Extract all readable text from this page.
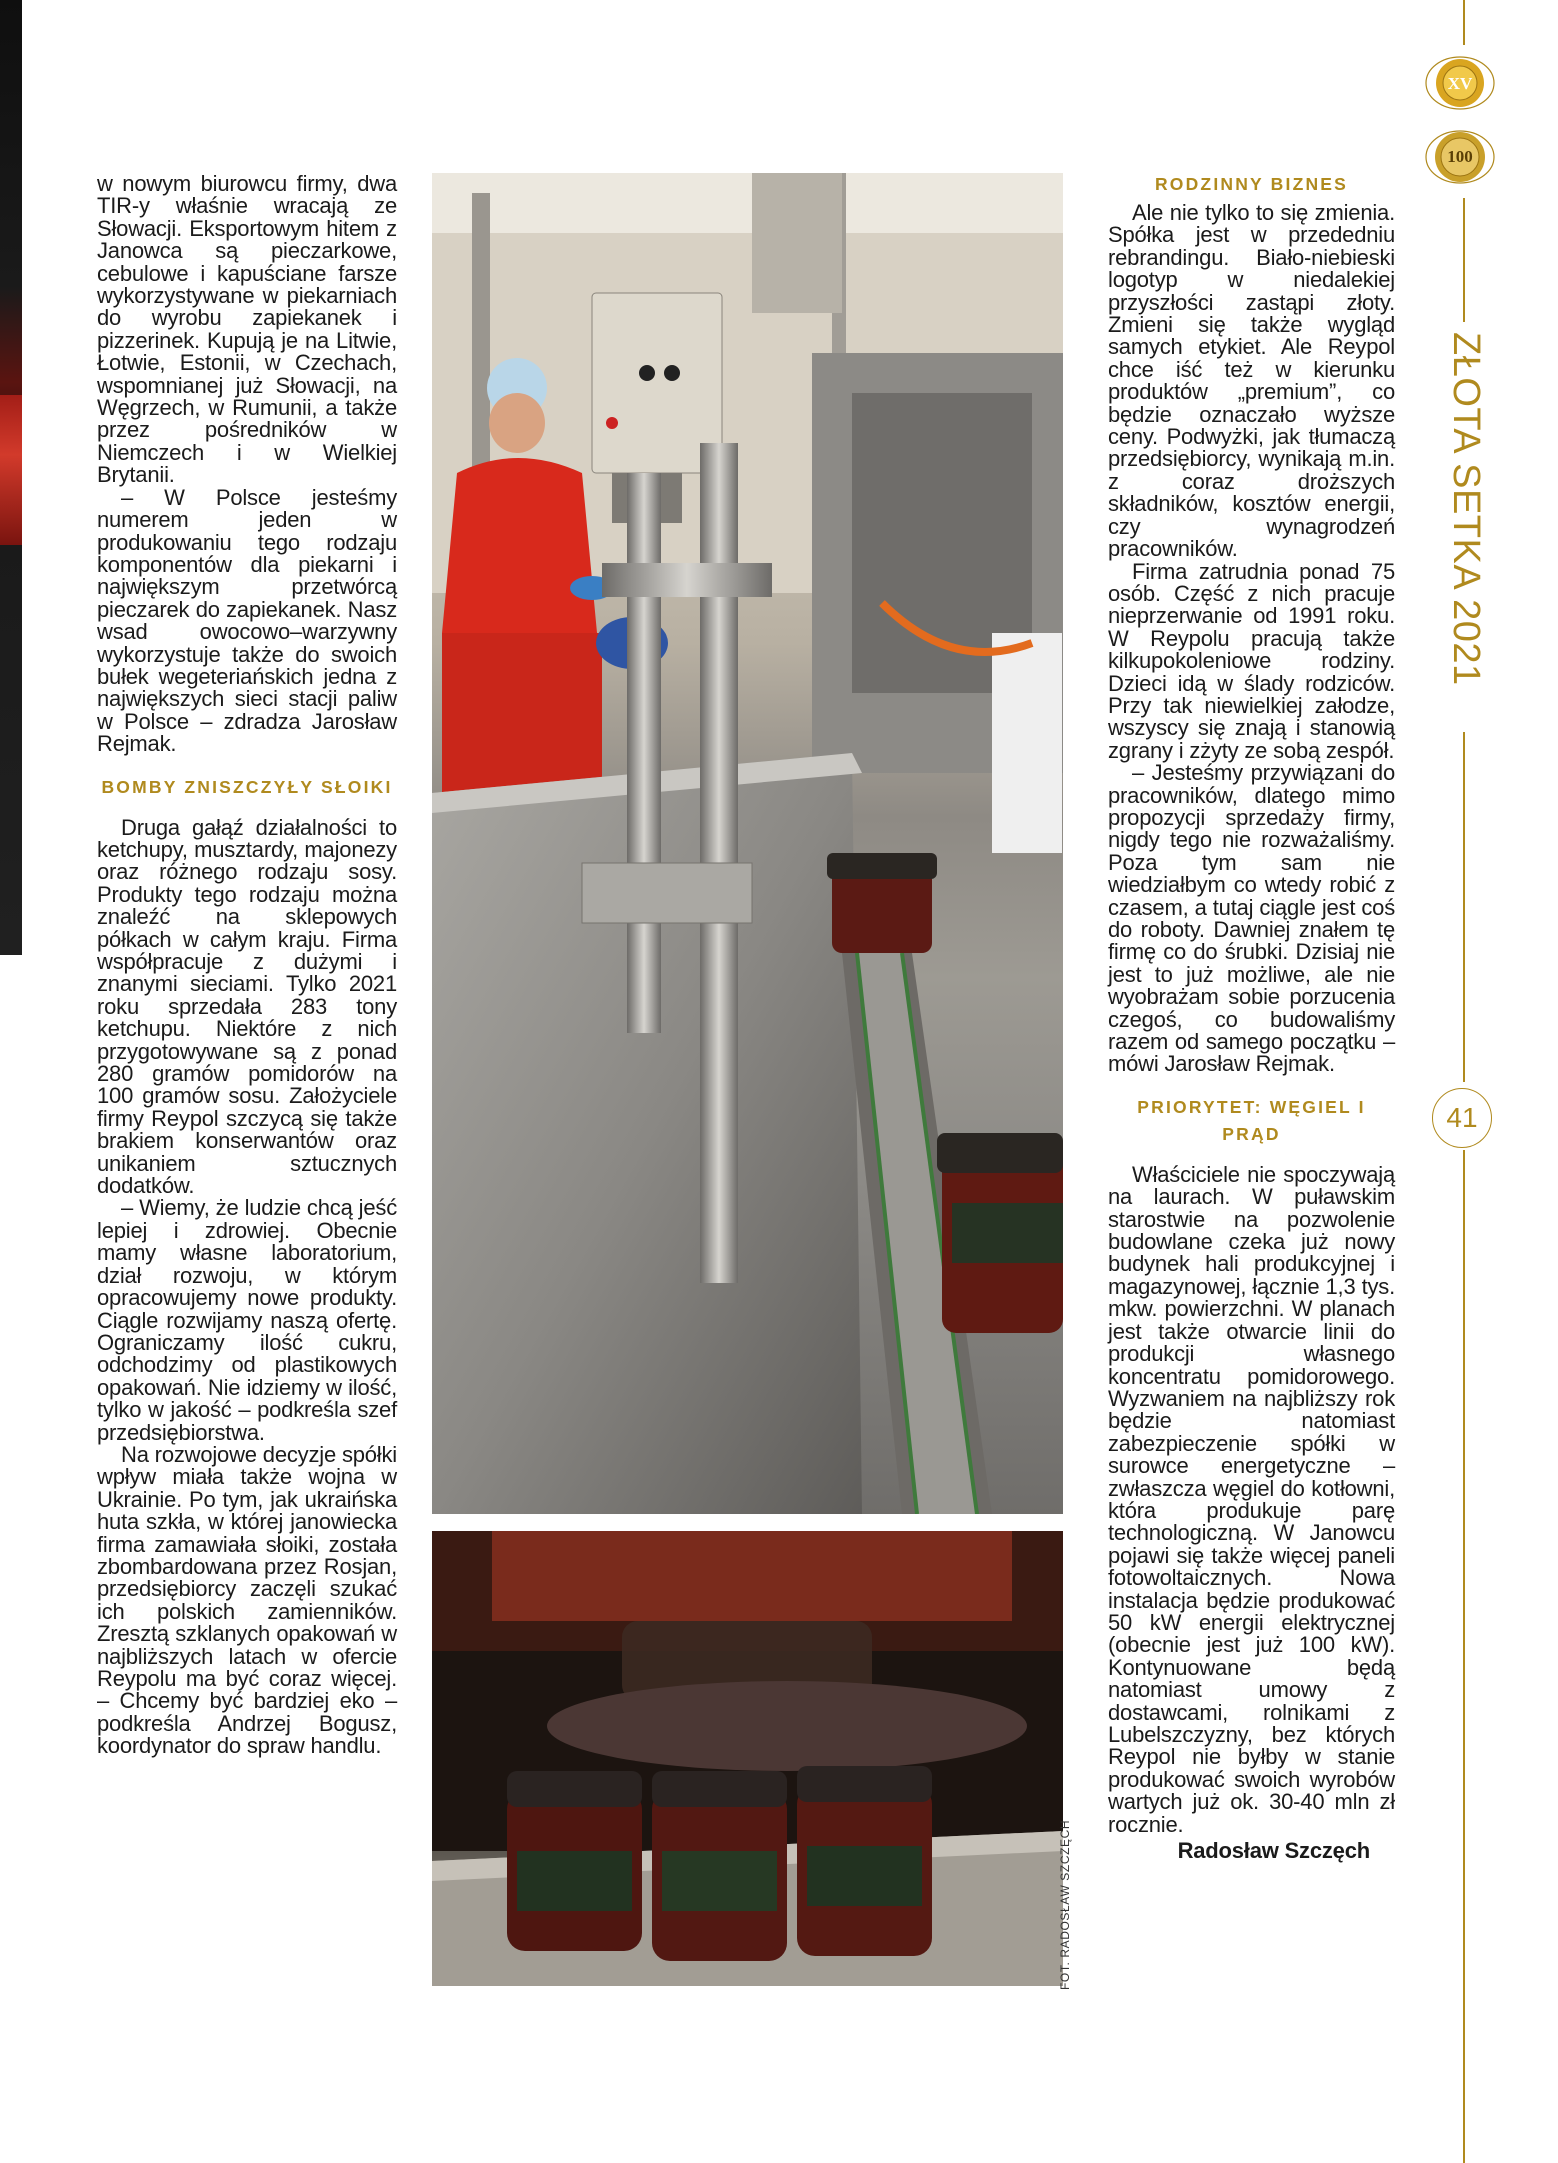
w nowym biurowcu firmy, dwa TIR-y właśnie wracają ze Słowacji. Eksportowym hitem z Janowca są pieczarkowe, cebulowe i kapuściane farsze wykorzystywane w piekarniach do wyrobu zapiekanek i pizzerinek. Kupują je na Litwie, Łotwie, Estonii, w Czechach, wspomnianej już Słowacji, na Węgrzech, w Rumunii, a także przez pośredników w Niemczech i w Wielkiej Brytanii.

– W Polsce jesteśmy numerem jeden w produkowaniu tego rodzaju komponentów dla piekarni i największym przetwórcą pieczarek do zapiekanek. Nasz wsad owocowo–warzywny wykorzystuje także do swoich bułek wegeteriańskich jedna z największych sieci stacji paliw w Polsce – zdradza Jarosław Rejmak.

BOMBY ZNISZCZYŁY SŁOIKI

Druga gałąź działalności to ketchupy, musztardy, majonezy oraz różnego rodzaju sosy. Produkty tego rodzaju można znaleźć na sklepowych półkach w całym kraju. Firma współpracuje z dużymi i znanymi sieciami. Tylko 2021 roku sprzedała 283 tony ketchupu. Niektóre z nich przygotowywane są z ponad 280 gramów pomidorów na 100 gramów sosu. Założyciele firmy Reypol szczycą się także brakiem konserwantów oraz unikaniem sztucznych dodatków.

– Wiemy, że ludzie chcą jeść lepiej i zdrowiej. Obecnie mamy własne laboratorium, dział rozwoju, w którym opracowujemy nowe produkty. Ciągle rozwijamy naszą ofertę. Ograniczamy ilość cukru, odchodzimy od plastikowych opakowań. Nie idziemy w ilość, tylko w jakość – podkreśla szef przedsiębiorstwa.

Na rozwojowe decyzje spółki wpływ miała także wojna w Ukrainie. Po tym, jak ukraińska huta szkła, w której janowiecka firma zamawiała słoiki, została zbombardowana przez Rosjan, przedsiębiorcy zaczęli szukać ich polskich zamienników. Zresztą szklanych opakowań w najbliższych latach w ofercie Reypolu ma być coraz więcej. – Chcemy być bardziej eko – podkreśla Andrzej Bogusz, koordynator do spraw handlu.

FOT. RADOSŁAW SZCZĘCH
RODZINNY BIZNES

Ale nie tylko to się zmienia. Spółka jest w przededniu rebrandingu. Biało-niebieski logotyp w niedalekiej przyszłości zastąpi złoty. Zmieni się także wygląd samych etykiet. Ale Reypol chce iść też w kierunku produktów „premium”, co będzie oznaczało wyższe ceny. Podwyżki, jak tłumaczą przedsiębiorcy, wynikają m.in. z coraz droższych składników, kosztów energii, czy wynagrodzeń pracowników.

Firma zatrudnia ponad 75 osób. Część z nich pracuje nieprzerwanie od 1991 roku. W Reypolu pracują także kilkupokoleniowe rodziny. Dzieci idą w ślady rodziców. Przy tak niewielkiej załodze, wszyscy się znają i stanowią zgrany i zżyty ze sobą zespół.

– Jesteśmy przywiązani do pracowników, dlatego mimo propozycji sprzedaży firmy, nigdy tego nie rozważaliśmy. Poza tym sam nie wiedziałbym co wtedy robić z czasem, a tutaj ciągle jest coś do roboty. Dawniej znałem tę firmę co do śrubki. Dzisiaj nie jest to już możliwe, ale nie wyobrażam sobie porzucenia czegoś, co budowaliśmy razem od samego początku – mówi Jarosław Rejmak.

PRIORYTET: WĘGIEL I PRĄD

Właściciele nie spoczywają na laurach. W puławskim starostwie na pozwolenie budowlane czeka już nowy budynek hali produkcyjnej i magazynowej, łącznie 1,3 tys. mkw. powierzchni. W planach jest także otwarcie linii do produkcji własnego koncentratu pomidorowego. Wyzwaniem na najbliższy rok będzie natomiast zabezpieczenie spółki w surowce energetyczne – zwłaszcza węgiel do kotłowni, która produkuje parę technologiczną. W Janowcu pojawi się także więcej paneli fotowoltaicznych. Nowa instalacja będzie produkować 50 kW energii elektrycznej (obecnie jest już 100 kW). Kontynuowane będą natomiast umowy z dostawcami, rolnikami z Lubelszczyzny, bez których Reypol nie byłby w stanie produkować swoich wyrobów wartych już ok. 30-40 mln zł rocznie.

Radosław Szczęch

XV
100
ZŁOTA SETKA 2021
41
